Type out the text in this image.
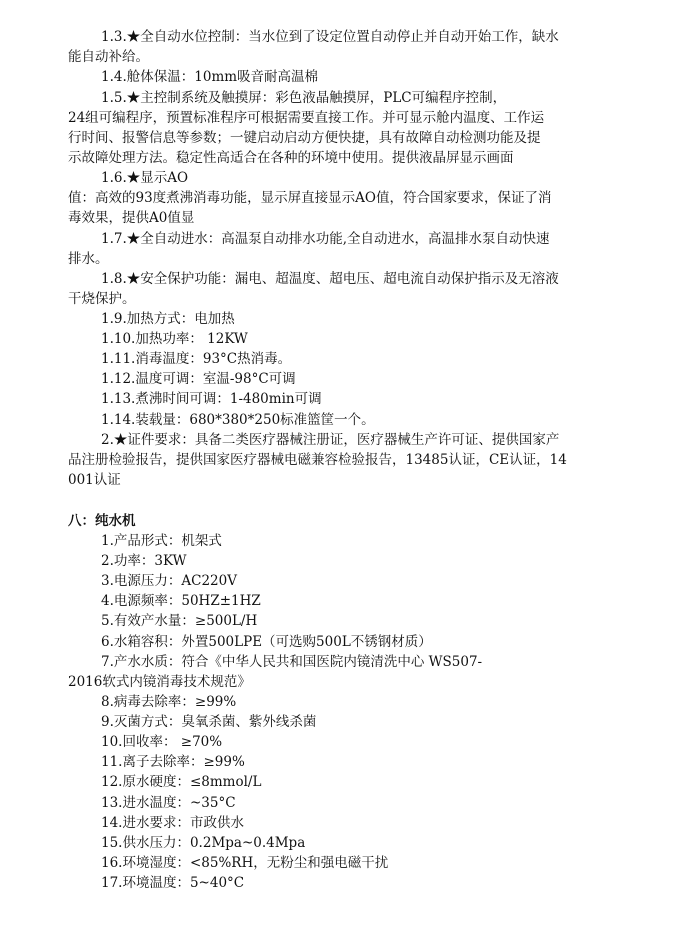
1.3.★全自动水位控制：当水位到了设定位置自动停止并自动开始工作，缺水
能自动补给。
1.4.舱体保温：10mm吸音耐高温棉
1.5.★主控制系统及触摸屏：彩色液晶触摸屏，PLC可编程序控制，
24组可编程序，预置标准程序可根据需要直接工作。并可显示舱内温度、工作运
行时间、报警信息等参数；一键启动启动方便快捷，具有故障自动检测功能及提
示故障处理方法。稳定性高适合在各种的环境中使用。提供液晶屏显示画面
1.6.★显示AO
值：高效的93度煮沸消毒功能，显示屏直接显示AO值，符合国家要求，保证了消
毒效果，提供A0值显
1.7.★全自动进水：高温泵自动排水功能,全自动进水，高温排水泵自动快速
排水。
1.8.★安全保护功能：漏电、超温度、超电压、超电流自动保护指示及无溶液
干烧保护。
1.9.加热方式：电加热
1.10.加热功率： 12KW
1.11.消毒温度：93°C热消毒。
1.12.温度可调：室温-98°C可调
1.13.煮沸时间可调：1-480min可调
1.14.装载量：680*380*250标准篮筐一个。
2.★证件要求：具备二类医疗器械注册证，医疗器械生产许可证、提供国家产
品注册检验报告，提供国家医疗器械电磁兼容检验报告，13485认证，CE认证，14
001认证
八：纯水机
1.产品形式：机架式
2.功率：3KW
3.电源压力：AC220V
4.电源频率：50HZ±1HZ
5.有效产水量：≥500L/H
6.水箱容积：外置500LPE（可选购500L不锈钢材质）
7.产水水质：符合《中华人民共和国医院内镜清洗中心 WS507-
2016软式内镜消毒技术规范》
8.病毒去除率：≥99%
9.灭菌方式：臭氧杀菌、紫外线杀菌
10.回收率： ≥70%
11.离子去除率：≥99%
12.原水硬度：≤8mmol/L
13.进水温度：~35°C
14.进水要求：市政供水
15.供水压力：0.2Mpa~0.4Mpa
16.环境湿度：<85%RH，无粉尘和强电磁干扰
17.环境温度：5~40°C
